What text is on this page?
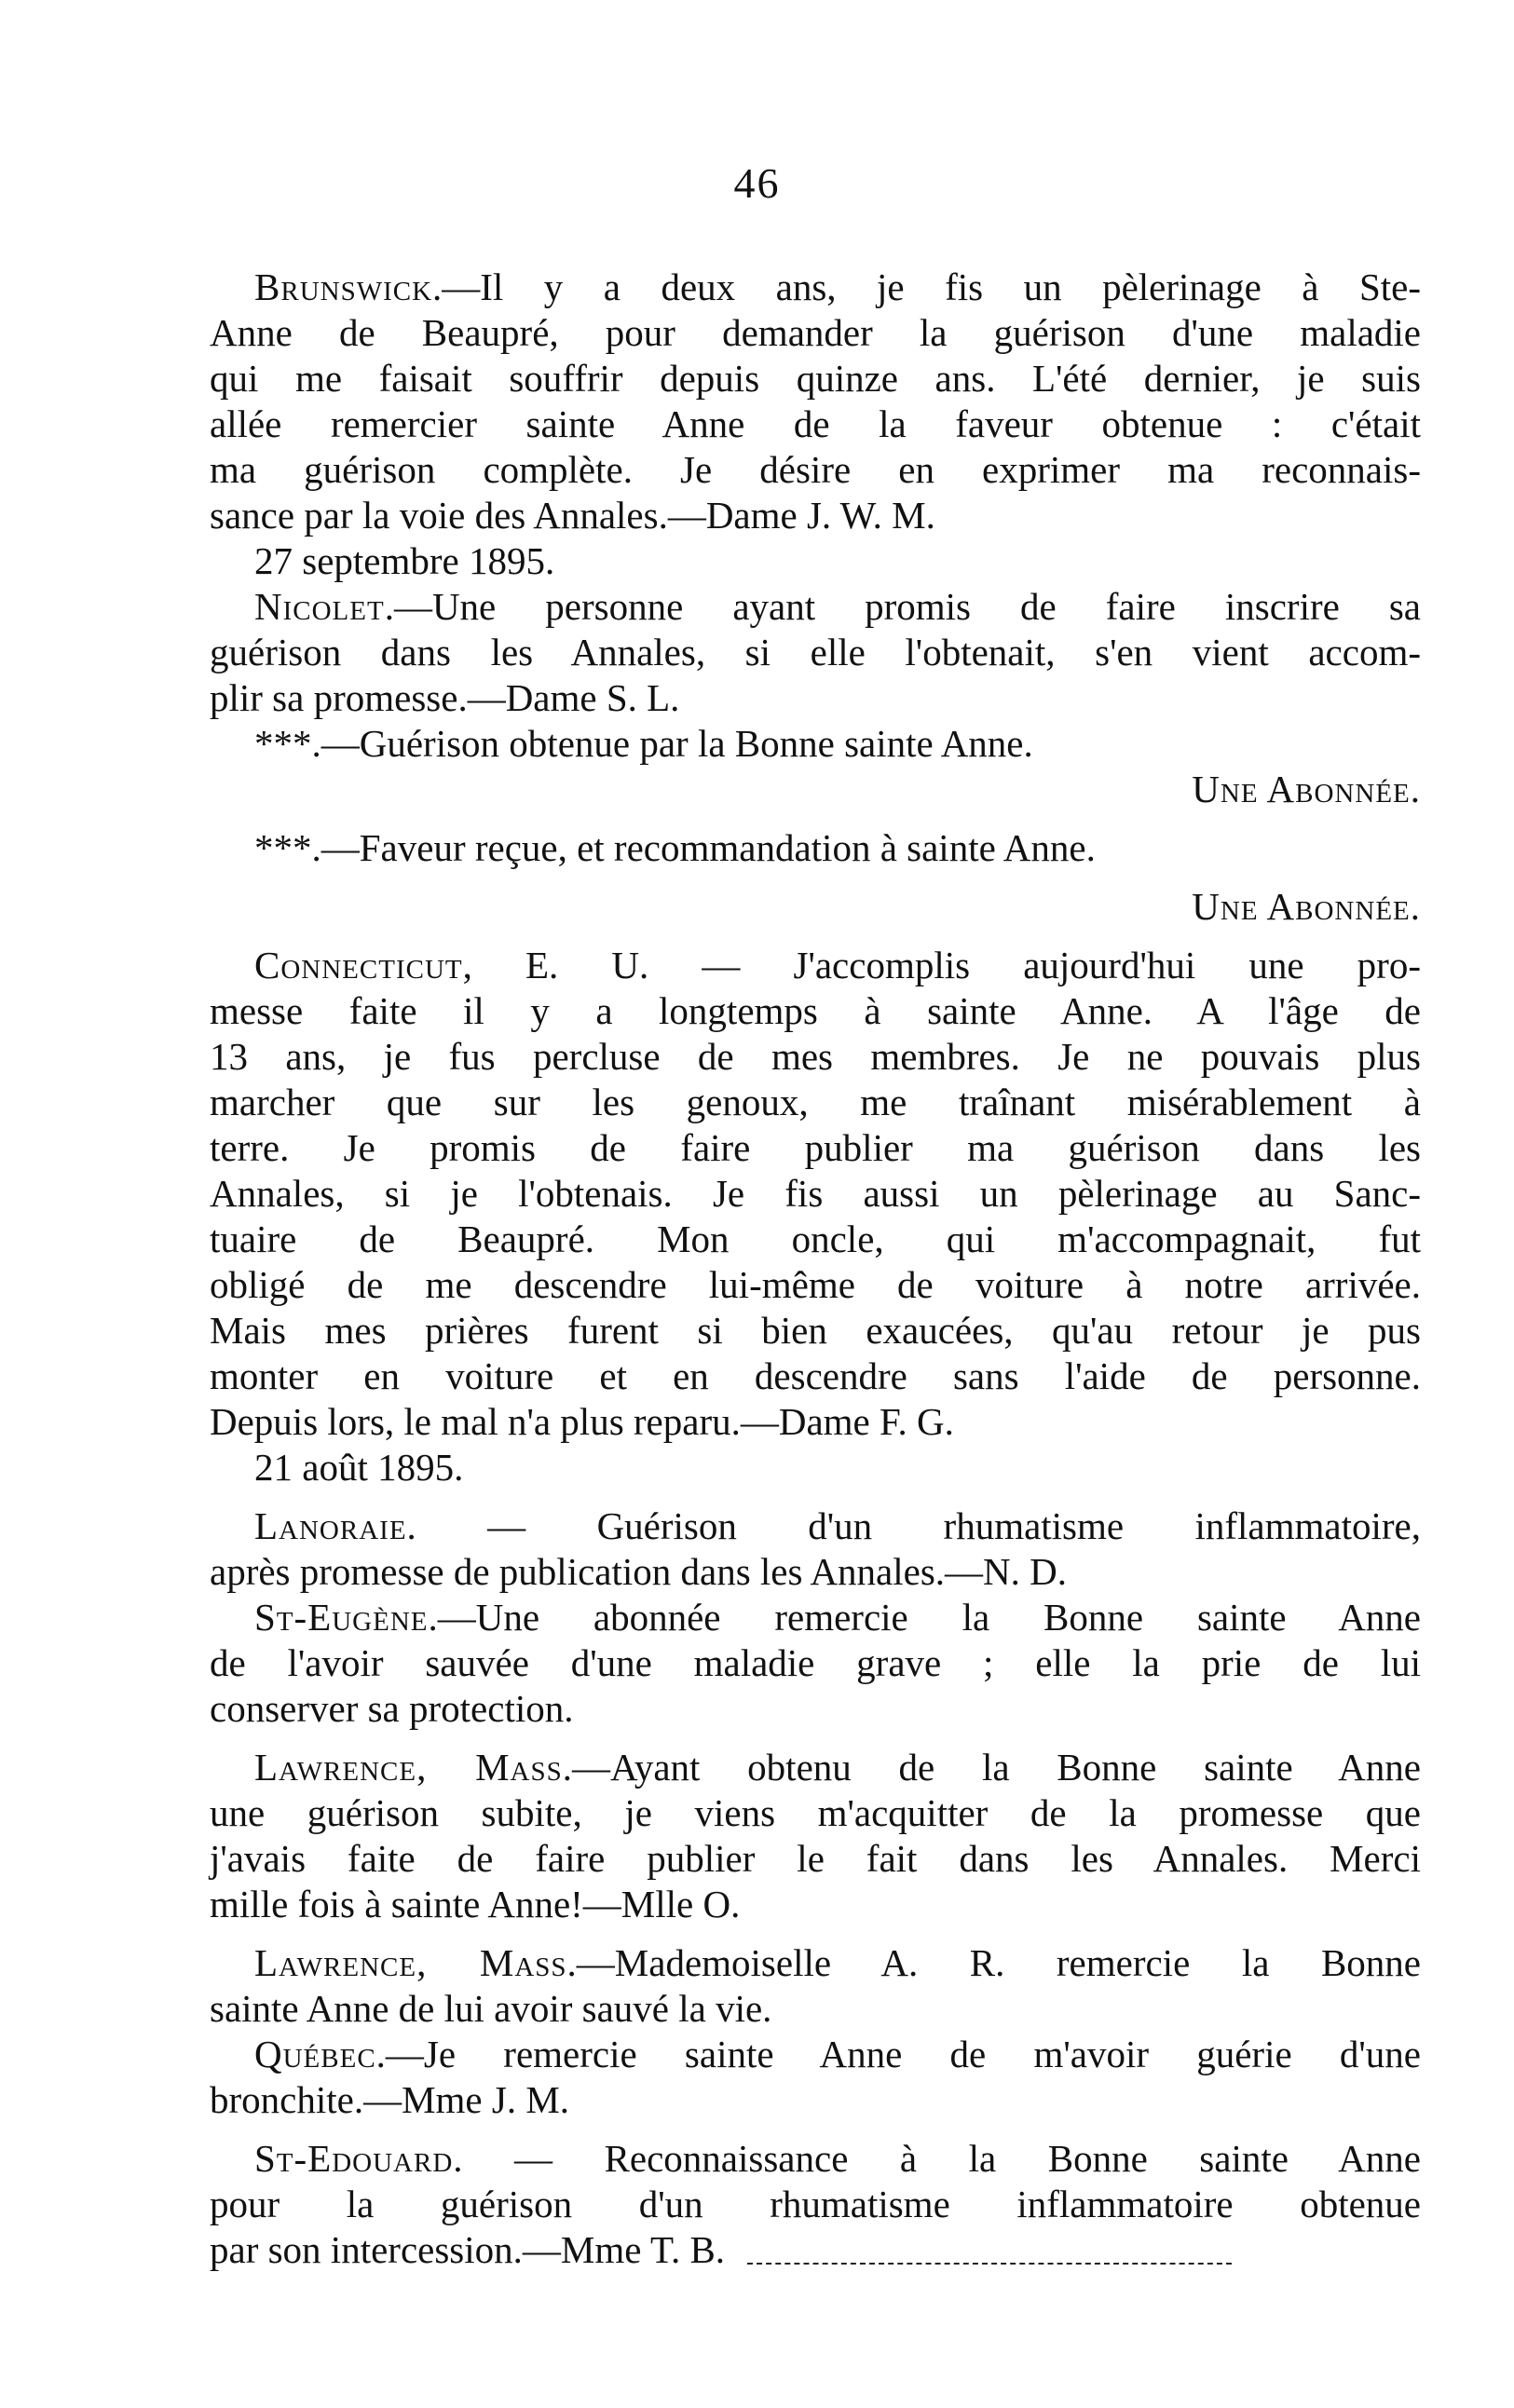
46
Brunswick.—Il y a deux ans, je fis un pèlerinage à Ste-
Anne de Beaupré, pour demander la guérison d'une maladie
qui me faisait souffrir depuis quinze ans. L'été dernier, je suis
allée remercier sainte Anne de la faveur obtenue : c'était
ma guérison complète. Je désire en exprimer ma reconnais-
sance par la voie des Annales.—Dame J. W. M.
27 septembre 1895.
Nicolet.—Une personne ayant promis de faire inscrire sa
guérison dans les Annales, si elle l'obtenait, s'en vient accom-
plir sa promesse.—Dame S. L.
***.—Guérison obtenue par la Bonne sainte Anne.
Une Abonnée.
***.—Faveur reçue, et recommandation à sainte Anne.
Une Abonnée.
Connecticut, E. U. — J'accomplis aujourd'hui une pro-
messe faite il y a longtemps à sainte Anne. A l'âge de
13 ans, je fus percluse de mes membres. Je ne pouvais plus
marcher que sur les genoux, me traînant misérablement à
terre. Je promis de faire publier ma guérison dans les
Annales, si je l'obtenais. Je fis aussi un pèlerinage au Sanc-
tuaire de Beaupré. Mon oncle, qui m'accompagnait, fut
obligé de me descendre lui-même de voiture à notre arrivée.
Mais mes prières furent si bien exaucées, qu'au retour je pus
monter en voiture et en descendre sans l'aide de personne.
Depuis lors, le mal n'a plus reparu.—Dame F. G.
21 août 1895.
Lanoraie. — Guérison d'un rhumatisme inflammatoire,
après promesse de publication dans les Annales.—N. D.
St-Eugène.—Une abonnée remercie la Bonne sainte Anne
de l'avoir sauvée d'une maladie grave ; elle la prie de lui
conserver sa protection.
Lawrence, Mass.—Ayant obtenu de la Bonne sainte Anne
une guérison subite, je viens m'acquitter de la promesse que
j'avais faite de faire publier le fait dans les Annales. Merci
mille fois à sainte Anne!—Mlle O.
Lawrence, Mass.—Mademoiselle A. R. remercie la Bonne
sainte Anne de lui avoir sauvé la vie.
Québec.—Je remercie sainte Anne de m'avoir guérie d'une
bronchite.—Mme J. M.
St-Edouard. — Reconnaissance à la Bonne sainte Anne
pour la guérison d'un rhumatisme inflammatoire obtenue
par son intercession.—Mme T. B.
